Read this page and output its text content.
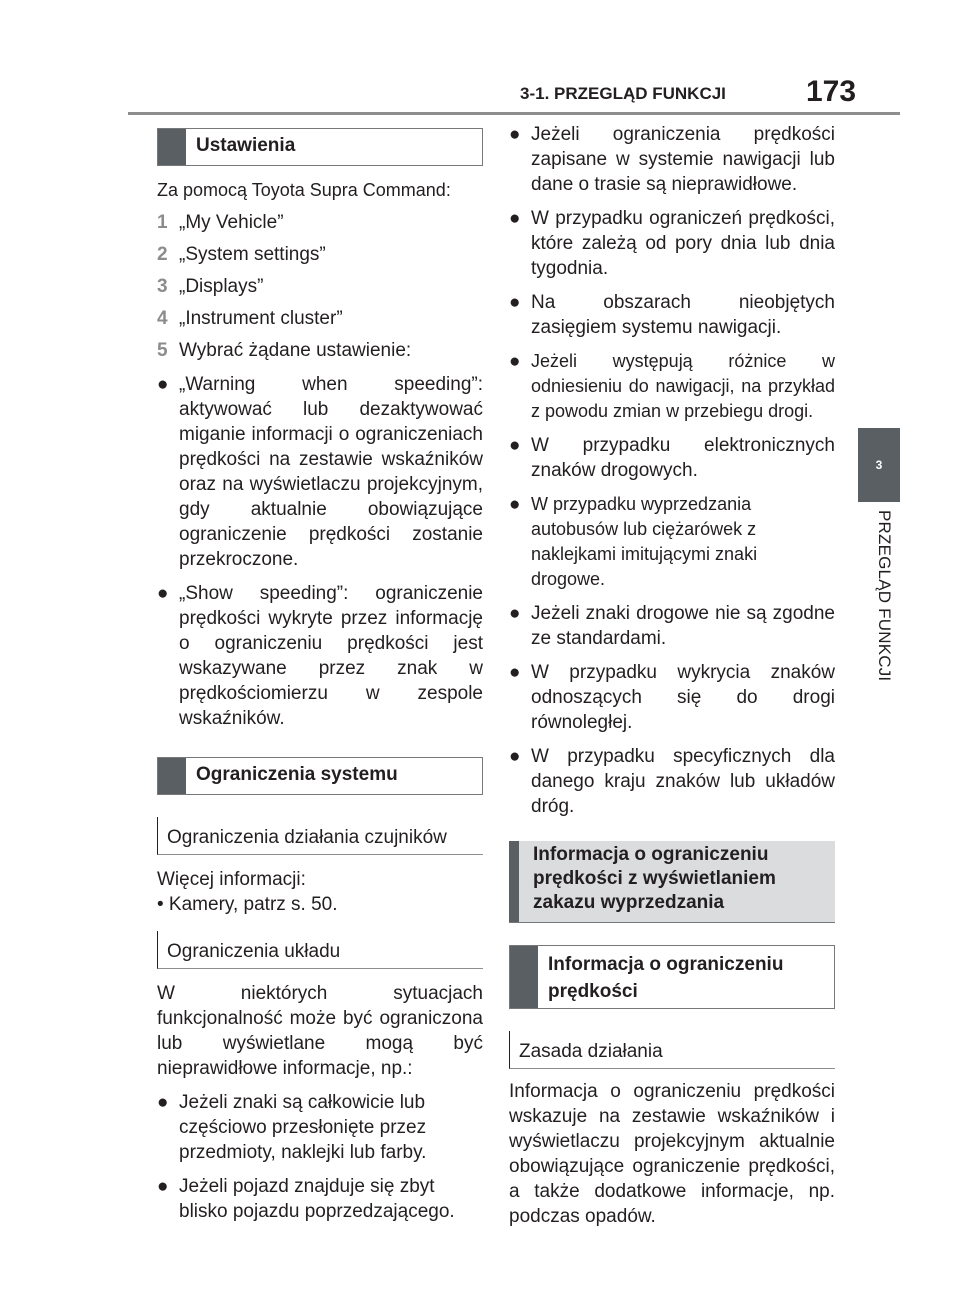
3-1. PRZEGLĄD FUNKCJI	173
3
PRZEGLĄD FUNKCJI
Ustawienia

Za pomocą Toyota Supra Command:

1 „My Vehicle”
2 „System settings”
3 „Displays”
4 „Instrument cluster”
5 Wybrać żądane ustawienie:
● „Warning when speeding”: aktywować lub dezaktywować miganie informacji o ograniczeniach prędkości na zestawie wskaźników oraz na wyświetlaczu projekcyjnym, gdy aktualnie obowiązujące ograniczenie prędkości zostanie przekroczone.
● „Show speeding”: ograniczenie prędkości wykryte przez informację o ograniczeniu prędkości jest wskazywane przez znak w prędkościomierzu w zespole wskaźników.
Ograniczenia systemu
Ograniczenia działania czujników

Więcej informacji:

• Kamery, patrz s. 50.

Ograniczenia układu

W niektórych sytuacjach funkcjonalność może być ograniczona lub wyświetlane mogą być nieprawidłowe informacje, np.:

● Jeżeli znaki są całkowicie lub częściowo przesłonięte przez przedmioty, naklejki lub farby.
● Jeżeli pojazd znajduje się zbyt blisko pojazdu poprzedzającego.
● Jeżeli ograniczenia prędkości zapisane w systemie nawigacji lub dane o trasie są nieprawidłowe.
● W przypadku ograniczeń prędkości, które zależą od pory dnia lub dnia tygodnia.
● Na obszarach nieobjętych zasięgiem systemu nawigacji.
● Jeżeli występują różnice w odniesieniu do nawigacji, na przykład z powodu zmian w przebiegu drogi.
● W przypadku elektronicznych znaków drogowych.
● W przypadku wyprzedzania autobusów lub ciężarówek z naklejkami imitującymi znaki drogowe.
● Jeżeli znaki drogowe nie są zgodne ze standardami.
● W przypadku wykrycia znaków odnoszących się do drogi równoległej.
● W przypadku specyficznych dla danego kraju znaków lub układów dróg.
Informacja o ograniczeniu prędkości z wyświetlaniem zakazu wyprzedzania
Informacja o ograniczeniu prędkości
Zasada działania

Informacja o ograniczeniu prędkości wskazuje na zestawie wskaźników i wyświetlaczu projekcyjnym aktualnie obowiązujące ograniczenie prędkości, a także dodatkowe informacje, np. podczas opadów.
